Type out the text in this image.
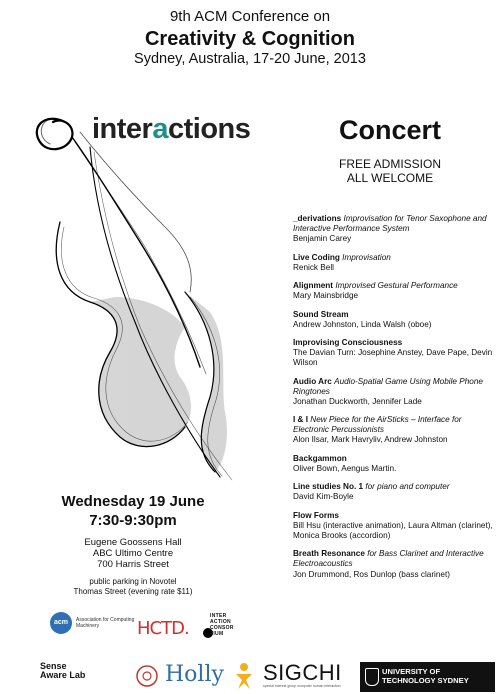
9th ACM Conference on
Creativity & Cognition
Sydney, Australia, 17-20 June, 2013
interactions	Concert
FREE ADMISSION
ALL WELCOME
_derivations Improvisation for Tenor Saxophone and Interactive Performance System
Benjamin Carey
Live Coding Improvisation
Renick Bell
Alignment Improvised Gestural Performance
Mary Mainsbridge
Sound Stream
Andrew Johnston, Linda Walsh (oboe)
Improvising Consciousness
The Davian Turn: Josephine Anstey, Dave Pape, Devin Wilson
Audio Arc Audio-Spatial Game Using Mobile Phone Ringtones
Jonathan Duckworth, Jennifer Lade
I & I New Piece for the AirSticks – Interface for Electronic Percussionists
Alon Ilsar, Mark Havryliv, Andrew Johnston
Backgammon
Oliver Bown, Aengus Martin.
Line studies No. 1 for piano and computer
David Kim-Boyle
Flow Forms
Bill Hsu (interactive animation), Laura Altman (clarinet), Monica Brooks (accordion)
Breath Resonance for Bass Clarinet and Interactive Electroacoustics
Jon Drummond, Ros Dunlop (bass clarinet)
Wednesday 19 June
7:30-9:30pm
Eugene Goossens Hall
ABC Ultimo Centre
700 Harris Street
public parking in Novotel
Thomas Street (evening rate $11)
acm	Association for Computing Machinery	HCTD.
INTER
ACTION
CONSOR
TIUM
Sense
Aware Lab	Holly SIGCHI
special interest group computer human interaction
UNIVERSITY OF
TECHNOLOGY SYDNEY
